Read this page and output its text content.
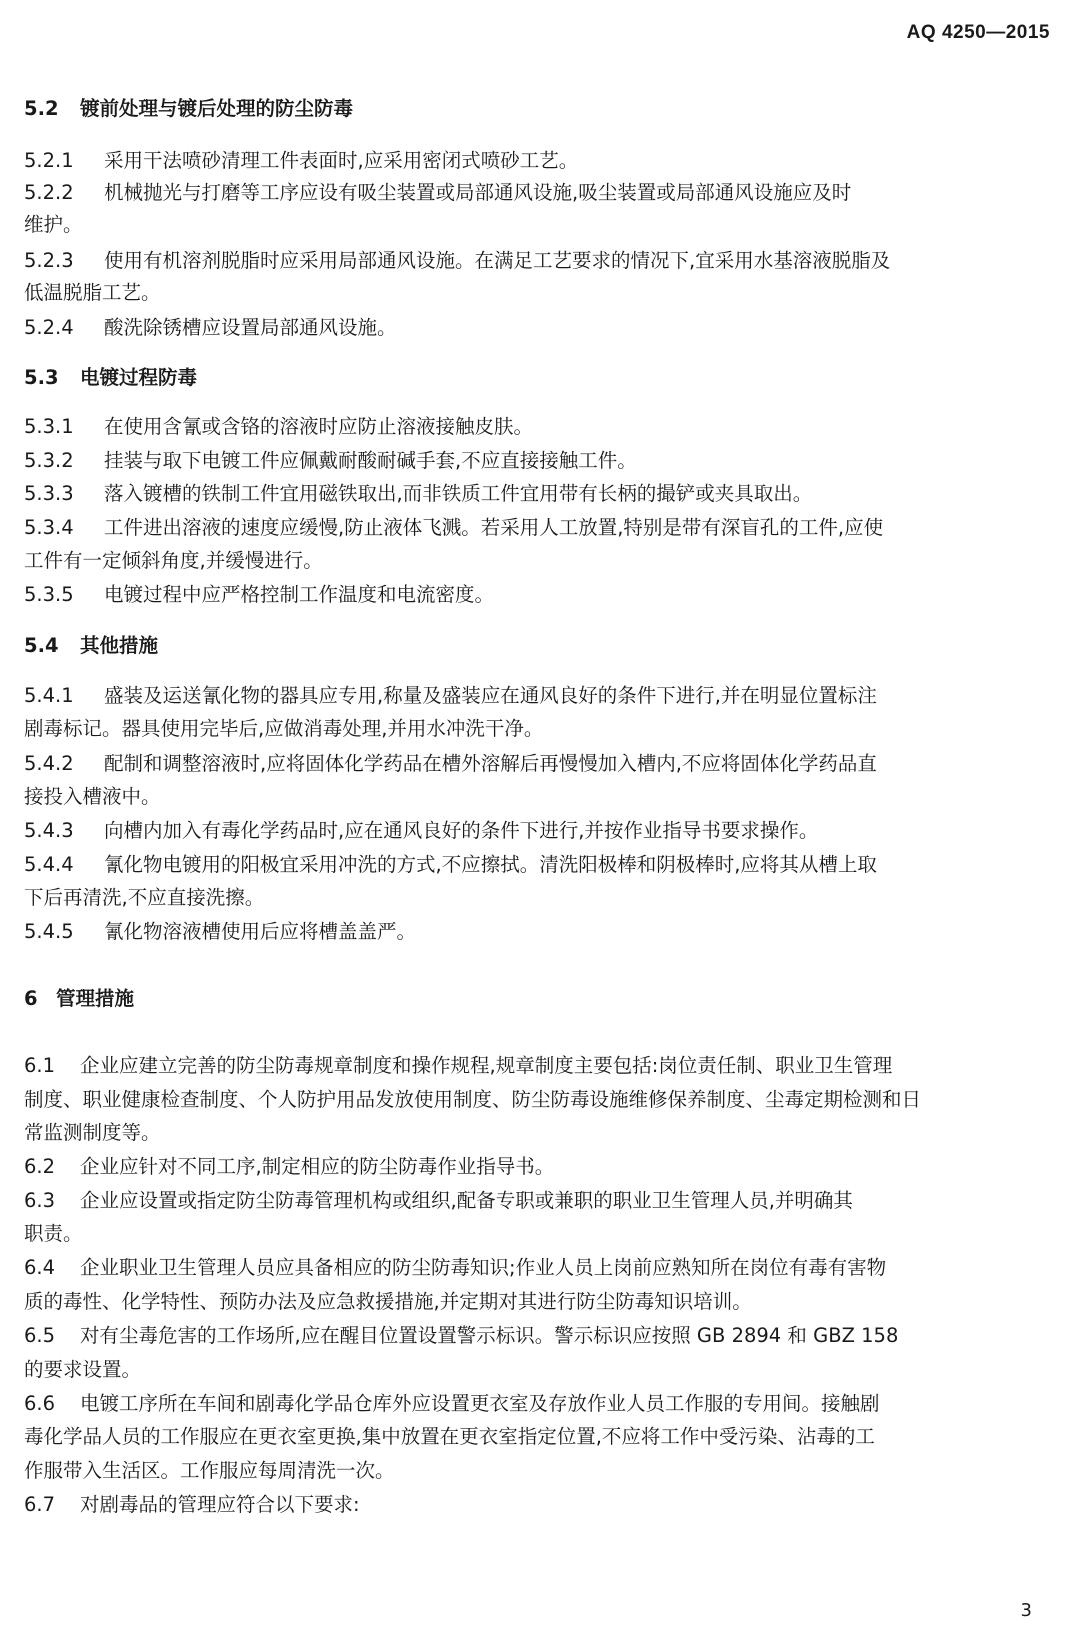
AQ 4250—2015
5.2 镀前处理与镀后处理的防尘防毒
5.2.1 采用干法喷砂清理工件表面时,应采用密闭式喷砂工艺。
5.2.2 机械抛光与打磨等工序应设有吸尘装置或局部通风设施,吸尘装置或局部通风设施应及时
维护。
5.2.3 使用有机溶剂脱脂时应采用局部通风设施。在满足工艺要求的情况下,宜采用水基溶液脱脂及
低温脱脂工艺。
5.2.4 酸洗除锈槽应设置局部通风设施。
5.3 电镀过程防毒
5.3.1 在使用含氰或含铬的溶液时应防止溶液接触皮肤。
5.3.2 挂装与取下电镀工件应佩戴耐酸耐碱手套,不应直接接触工件。
5.3.3 落入镀槽的铁制工件宜用磁铁取出,而非铁质工件宜用带有长柄的撮铲或夹具取出。
5.3.4 工件进出溶液的速度应缓慢,防止液体飞溅。若采用人工放置,特别是带有深盲孔的工件,应使
工件有一定倾斜角度,并缓慢进行。
5.3.5 电镀过程中应严格控制工作温度和电流密度。
5.4 其他措施
5.4.1 盛装及运送氰化物的器具应专用,称量及盛装应在通风良好的条件下进行,并在明显位置标注
剧毒标记。器具使用完毕后,应做消毒处理,并用水冲洗干净。
5.4.2 配制和调整溶液时,应将固体化学药品在槽外溶解后再慢慢加入槽内,不应将固体化学药品直
接投入槽液中。
5.4.3 向槽内加入有毒化学药品时,应在通风良好的条件下进行,并按作业指导书要求操作。
5.4.4 氰化物电镀用的阳极宜采用冲洗的方式,不应擦拭。清洗阳极棒和阴极棒时,应将其从槽上取
下后再清洗,不应直接洗擦。
5.4.5 氰化物溶液槽使用后应将槽盖盖严。
6 管理措施
6.1 企业应建立完善的防尘防毒规章制度和操作规程,规章制度主要包括:岗位责任制、职业卫生管理
制度、职业健康检查制度、个人防护用品发放使用制度、防尘防毒设施维修保养制度、尘毒定期检测和日
常监测制度等。
6.2 企业应针对不同工序,制定相应的防尘防毒作业指导书。
6.3 企业应设置或指定防尘防毒管理机构或组织,配备专职或兼职的职业卫生管理人员,并明确其
职责。
6.4 企业职业卫生管理人员应具备相应的防尘防毒知识;作业人员上岗前应熟知所在岗位有毒有害物
质的毒性、化学特性、预防办法及应急救援措施,并定期对其进行防尘防毒知识培训。
6.5 对有尘毒危害的工作场所,应在醒目位置设置警示标识。警示标识应按照 GB 2894 和 GBZ 158
的要求设置。
6.6 电镀工序所在车间和剧毒化学品仓库外应设置更衣室及存放作业人员工作服的专用间。接触剧
毒化学品人员的工作服应在更衣室更换,集中放置在更衣室指定位置,不应将工作中受污染、沾毒的工
作服带入生活区。工作服应每周清洗一次。
6.7 对剧毒品的管理应符合以下要求:
3
